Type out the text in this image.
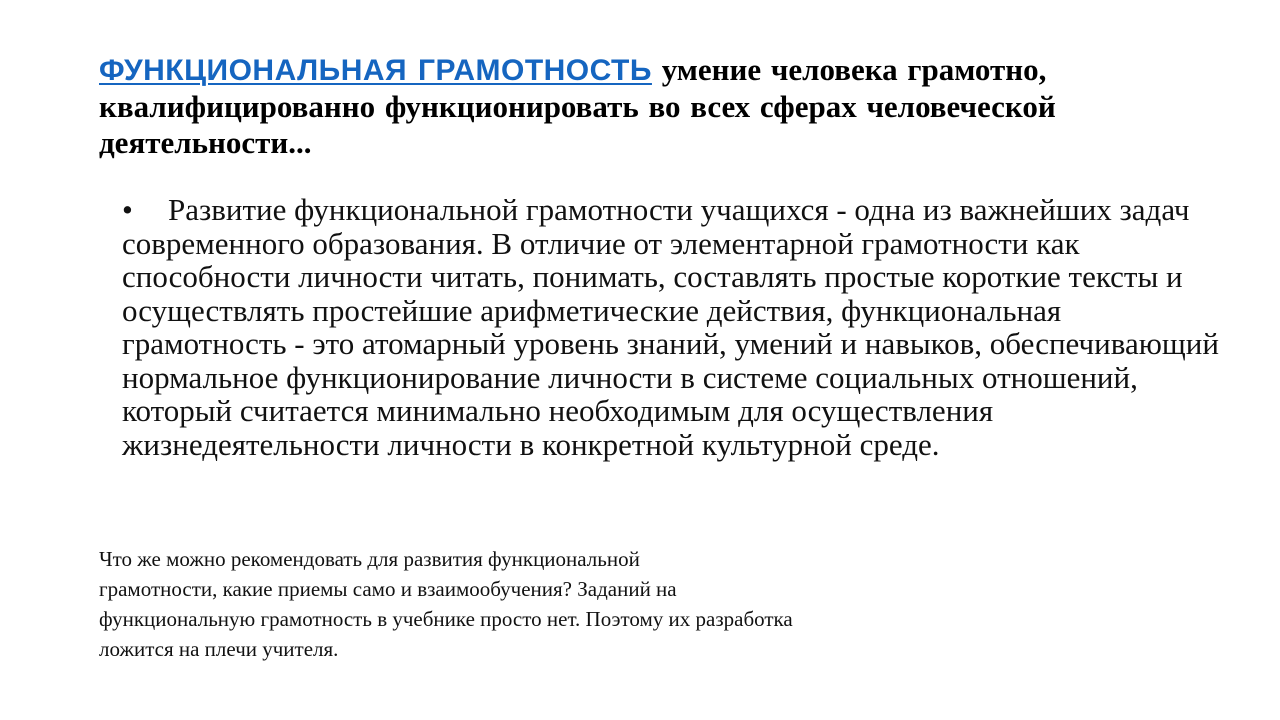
ФУНКЦИОНАЛЬНАЯ ГРАМОТНОСТЬ умение человека грамотно, квалифицированно функционировать во всех сферах человеческой деятельности...
• Развитие функциональной грамотности учащихся - одна из важнейших задач современного образования. В отличие от элементарной грамотности как способности личности читать, понимать, составлять простые короткие тексты и осуществлять простейшие арифметические действия, функциональная грамотность - это атомарный уровень знаний, умений и навыков, обеспечивающий нормальное функционирование личности в системе социальных отношений, который считается минимально необходимым для осуществления жизнедеятельности личности в конкретной культурной среде.
Что же можно рекомендовать для развития функциональной
грамотности, какие приемы само и взаимообучения? Заданий на
функциональную грамотность в учебнике просто нет. Поэтому их разработка
ложится на плечи учителя.
